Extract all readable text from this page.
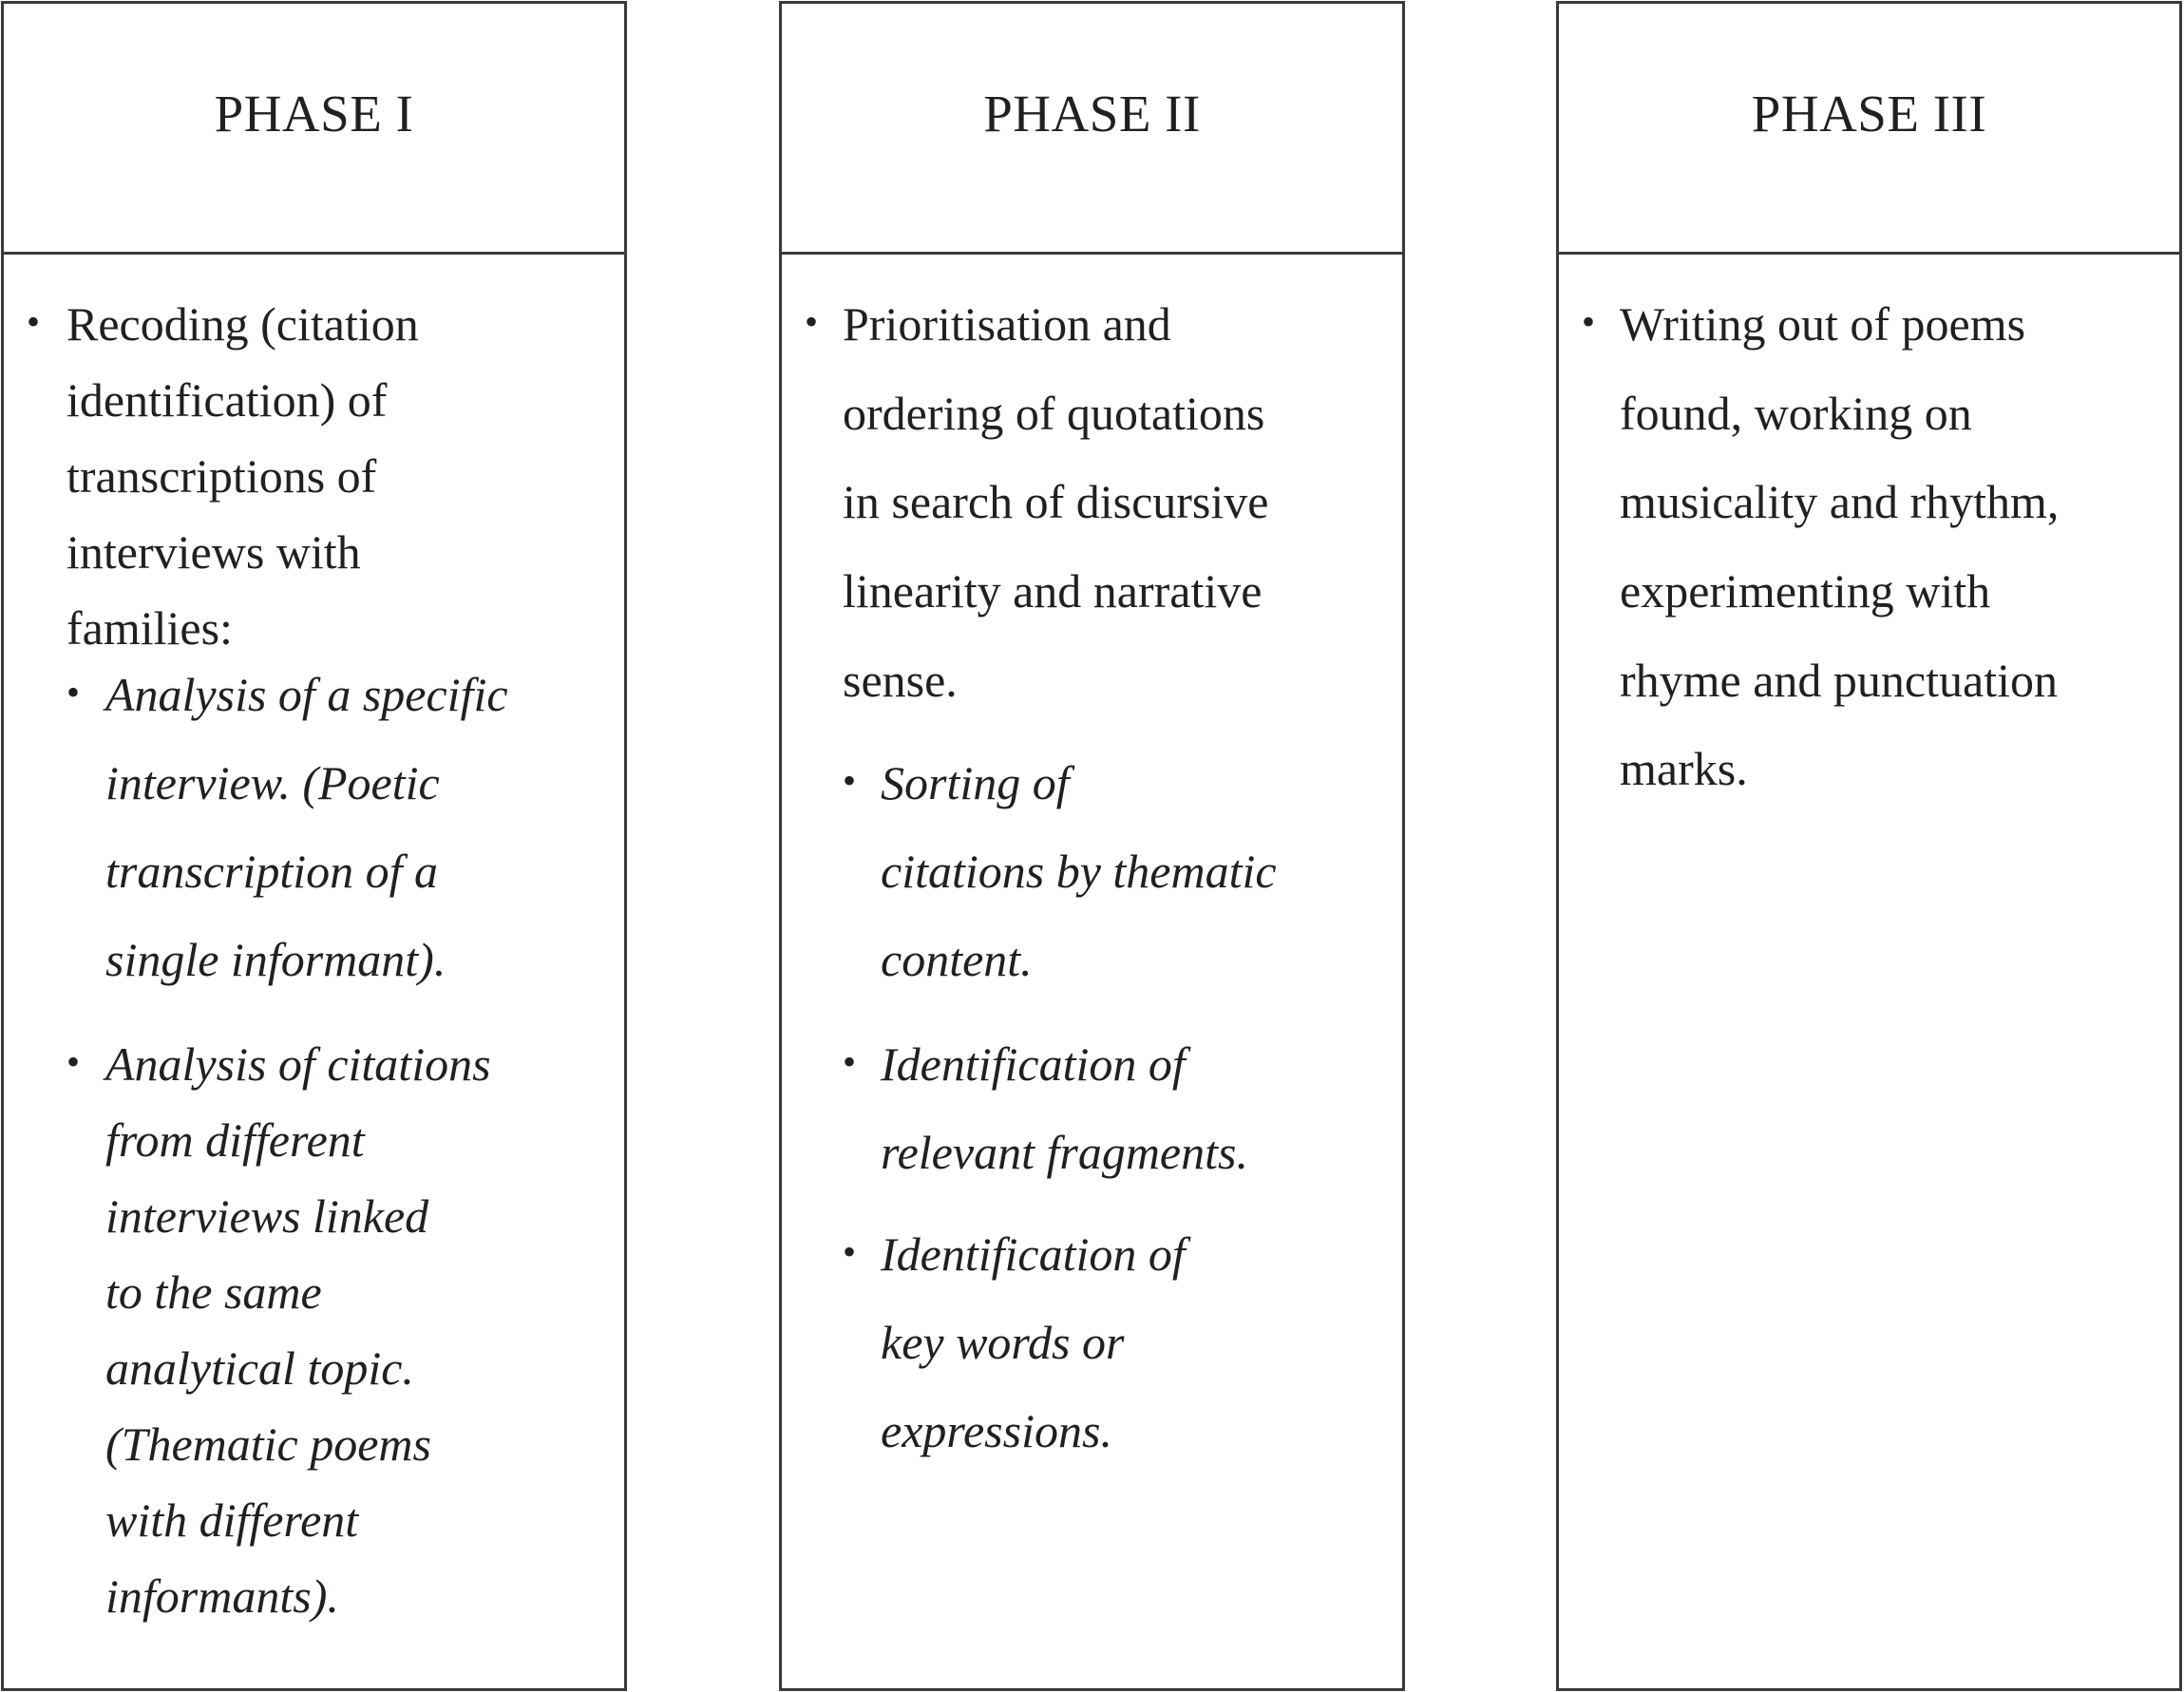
PHASE I
• Recoding (citation
identification) of
transcriptions of
interviews with
families:
• Analysis of a specific
interview. (Poetic
transcription of a
single informant).
• Analysis of citations
from different
interviews linked
to the same
analytical topic.
(Thematic poems
with different
informants).
PHASE II
• Prioritisation and
ordering of quotations
in search of discursive
linearity and narrative
sense.
• Sorting of
citations by thematic
content.
• Identification of
relevant fragments.
• Identification of
key words or
expressions.
PHASE III
• Writing out of poems
found, working on
musicality and rhythm,
experimenting with
rhyme and punctuation
marks.
